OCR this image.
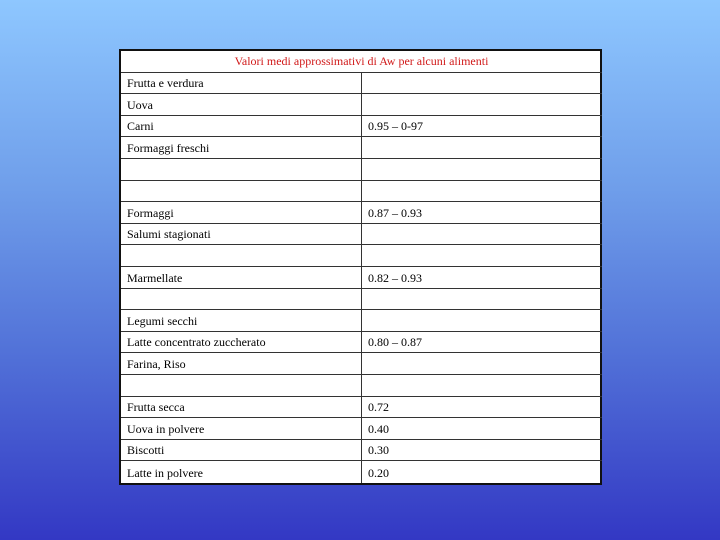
Valori medi approssimativi di Aw per alcuni alimenti
Frutta e verdura
Uova
Carni	0.95 – 0-97
Formaggi freschi
Formaggi	0.87 – 0.93
Salumi stagionati
Marmellate	0.82 – 0.93
Legumi secchi
Latte concentrato zuccherato	0.80 – 0.87
Farina, Riso
Frutta secca	0.72
Uova in polvere	0.40
Biscotti	0.30
Latte in polvere	0.20
